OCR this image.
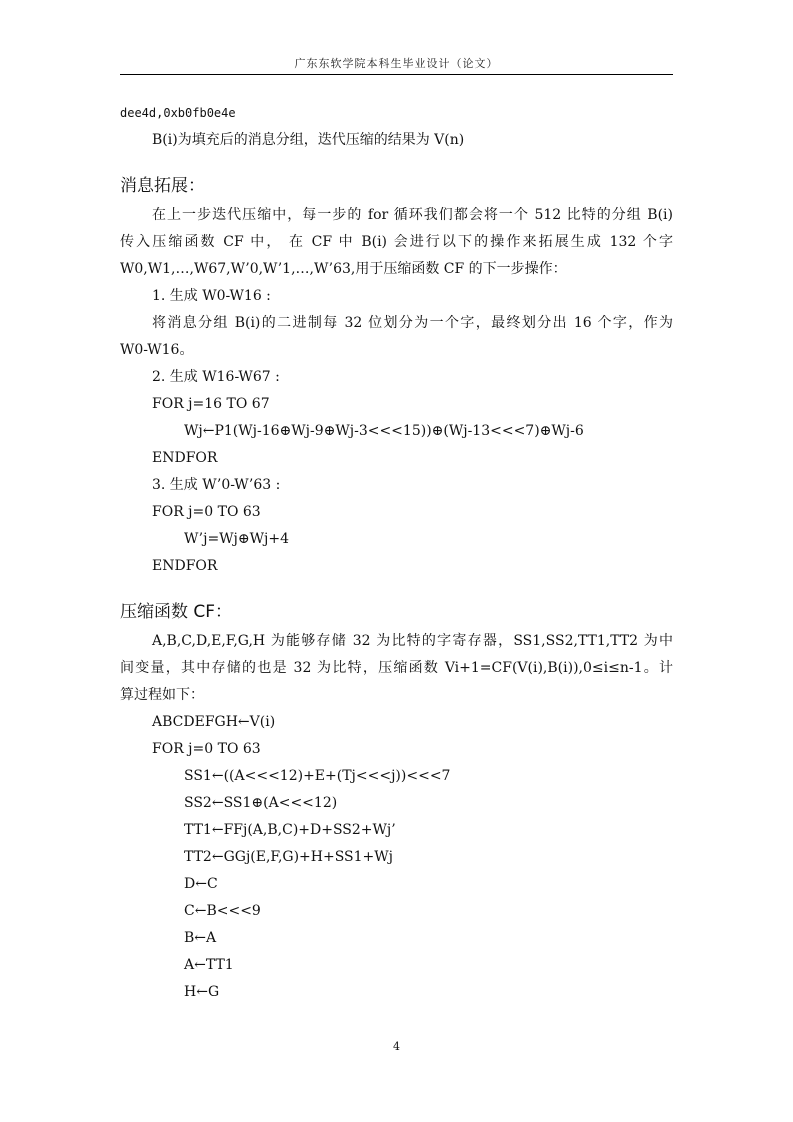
广东东软学院本科生毕业设计（论文）
dee4d,0xb0fb0e4e
B(i)为填充后的消息分组，迭代压缩的结果为 V(n)
消息拓展：
在上一步迭代压缩中，每一步的 for 循环我们都会将一个 512 比特的分组 B(i)
传入压缩函数 CF 中， 在 CF 中 B(i) 会进行以下的操作来拓展生成 132 个字
W0,W1,…,W67,W’0,W’1,…,W’63,用于压缩函数 CF 的下一步操作：
1. 生成 W0-W16 :
将消息分组 B(i)的二进制每 32 位划分为一个字，最终划分出 16 个字，作为
W0-W16。
2. 生成 W16-W67 :
FOR j=16 TO 67
Wj←P1(Wj-16⊕Wj-9⊕Wj-3<<<15))⊕(Wj-13<<<7)⊕Wj-6
ENDFOR
3. 生成 W’0-W’63 :
FOR j=0 TO 63
W’j=Wj⊕Wj+4
ENDFOR
压缩函数 CF：
A,B,C,D,E,F,G,H 为能够存储 32 为比特的字寄存器，SS1,SS2,TT1,TT2 为中
间变量，其中存储的也是 32 为比特，压缩函数 Vi+1=CF(V(i),B(i)),0≤i≤n-1。计
算过程如下：
ABCDEFGH←V(i)
FOR j=0 TO 63
SS1←((A<<<12)+E+(Tj<<<j))<<<7
SS2←SS1⊕(A<<<12)
TT1←FFj(A,B,C)+D+SS2+Wj’
TT2←GGj(E,F,G)+H+SS1+Wj
D←C
C←B<<<9
B←A
A←TT1
H←G
4
